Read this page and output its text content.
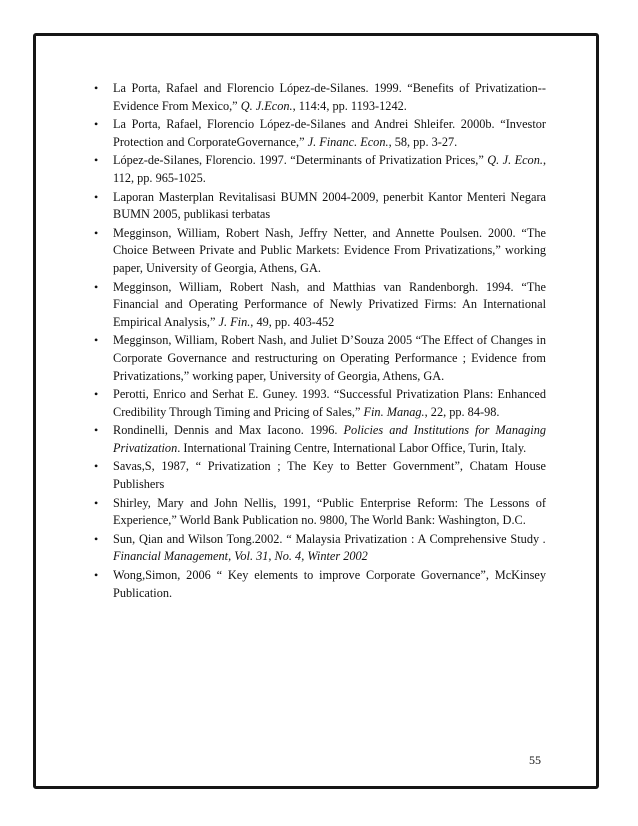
• La Porta, Rafael and Florencio López-de-Silanes. 1999. “Benefits of Privatization--Evidence From Mexico,” Q. J.Econ., 114:4, pp. 1193-1242.
• La Porta, Rafael, Florencio López-de-Silanes and Andrei Shleifer. 2000b. “Investor Protection and CorporateGovernance,” J. Financ. Econ., 58, pp. 3-27.
• López-de-Silanes, Florencio. 1997. “Determinants of Privatization Prices,” Q. J. Econ., 112, pp. 965-1025.
• Laporan Masterplan Revitalisasi BUMN 2004-2009, penerbit Kantor Menteri Negara BUMN 2005, publikasi terbatas
• Megginson, William, Robert Nash, Jeffry Netter, and Annette Poulsen. 2000. “The Choice Between Private and Public Markets: Evidence From Privatizations,” working paper, University of Georgia, Athens, GA.
• Megginson, William, Robert Nash, and Matthias van Randenborgh. 1994. “The Financial and Operating Performance of Newly Privatized Firms: An International Empirical Analysis,” J. Fin., 49, pp. 403-452
• Megginson, William, Robert Nash, and Juliet D’Souza 2005 “The Effect of Changes in Corporate Governance and restructuring on Operating Performance ; Evidence from Privatizations,” working paper, University of Georgia, Athens, GA.
• Perotti, Enrico and Serhat E. Guney. 1993. “Successful Privatization Plans: Enhanced Credibility Through Timing and Pricing of Sales,” Fin. Manag., 22, pp. 84-98.
• Rondinelli, Dennis and Max Iacono. 1996. Policies and Institutions for Managing Privatization. International Training Centre, International Labor Office, Turin, Italy.
• Savas,S, 1987, “ Privatization ; The Key to Better Government”, Chatam House Publishers
• Shirley, Mary and John Nellis, 1991, “Public Enterprise Reform: The Lessons of Experience,” World Bank Publication no. 9800, The World Bank: Washington, D.C.
• Sun, Qian and Wilson Tong.2002. “ Malaysia Privatization : A Comprehensive Study . Financial Management, Vol. 31, No. 4, Winter 2002
• Wong,Simon, 2006 “ Key elements to improve Corporate Governance”, McKinsey Publication.
55
